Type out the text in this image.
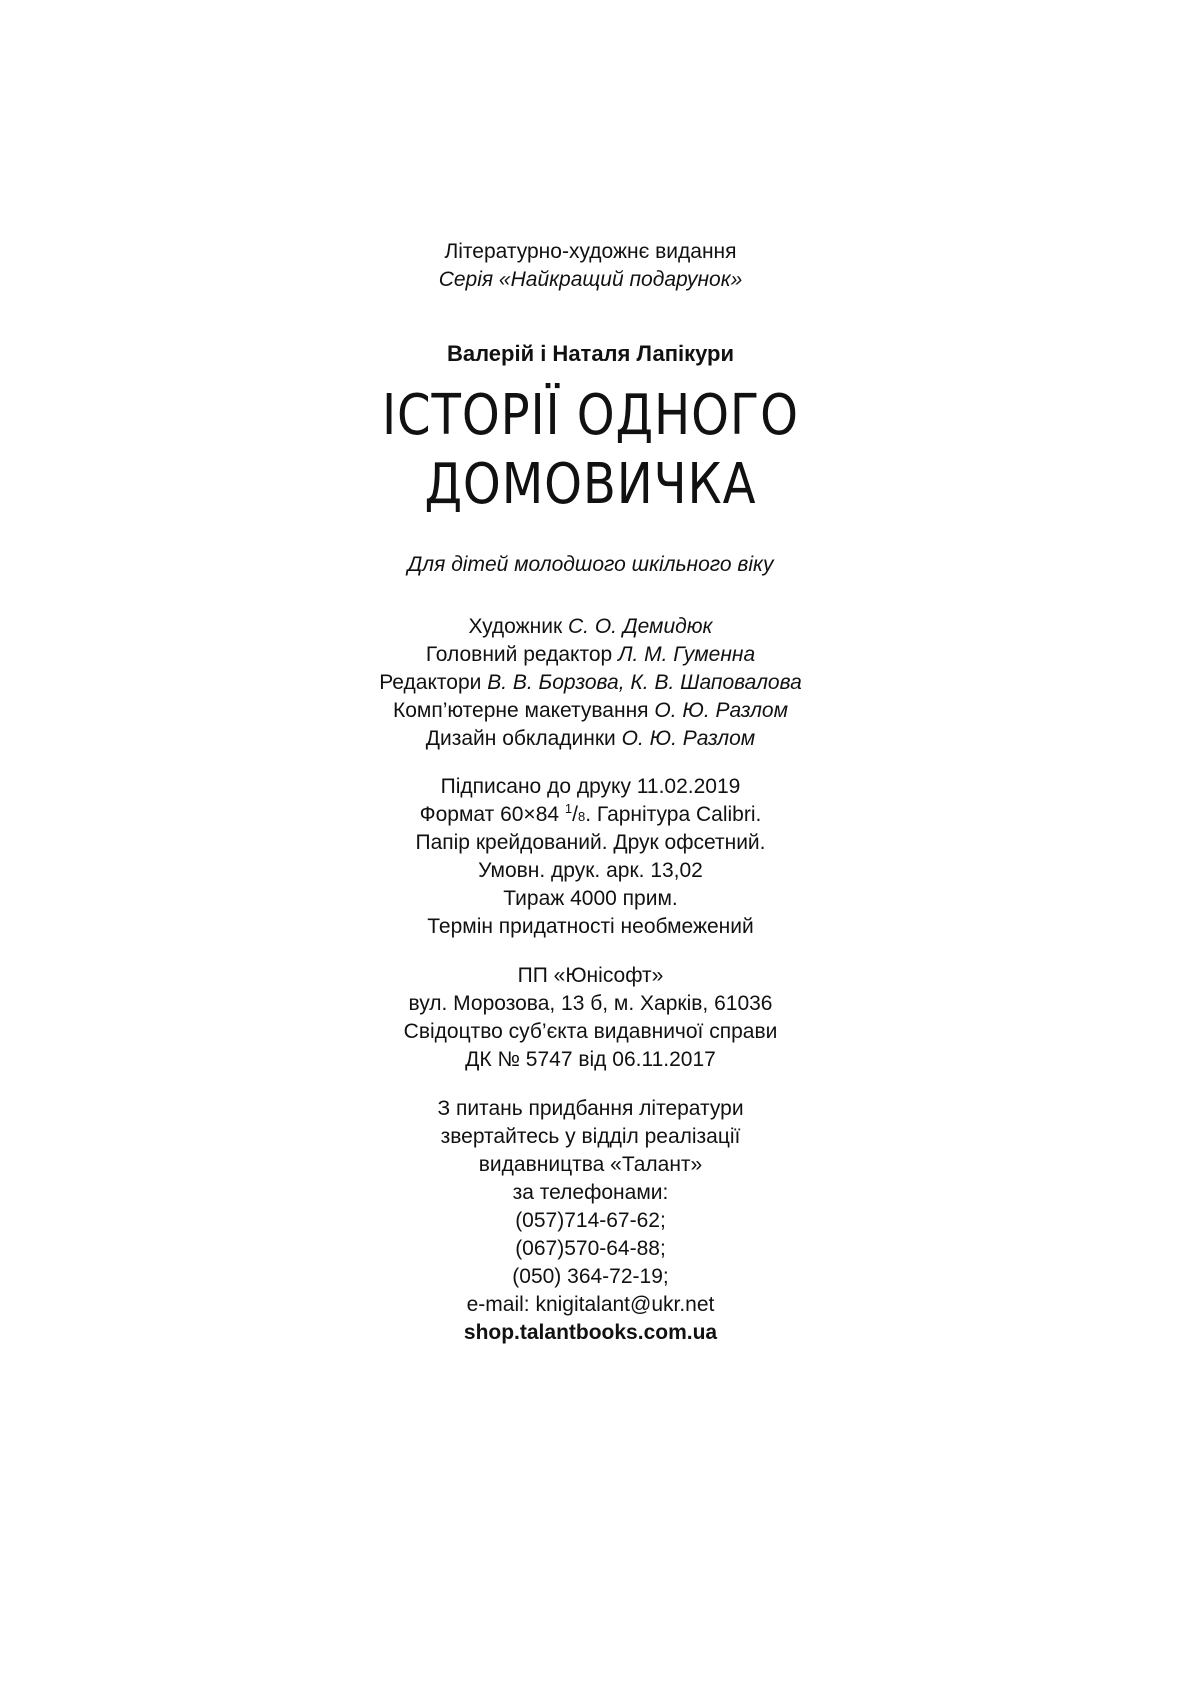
Літературно-художнє видання
Серія «Найкращий подарунок»
Валерій і Наталя Лапікури
ІСТОРІЇ ОДНОГО
ДОМОВИЧКА
Для дітей молодшого шкільного віку
Художник С. О. Демидюк
Головний редактор Л. М. Гуменна
Редактори В. В. Борзова, К. В. Шаповалова
Комп’ютерне макетування О. Ю. Разлом
Дизайн обкладинки О. Ю. Разлом
Підписано до друку 11.02.2019
Формат 60×84 $^1$/8. Гарнітура Calibri.
Папір крейдований. Друк офсетний.
Умовн. друк. арк. 13,02
Тираж 4000 прим.
Термін придатності необмежений
ПП «Юнісофт»
вул. Морозова, 13 б, м. Харків, 61036
Свідоцтво суб’єкта видавничої справи
ДК № 5747 від 06.11.2017
З питань придбання літератури
звертайтесь у відділ реалізації
видавництва «Талант»
за телефонами:
(057)714-67-62;
(067)570-64-88;
(050) 364-72-19;
e-mail: knigitalant@ukr.net
shop.talantbooks.com.ua
